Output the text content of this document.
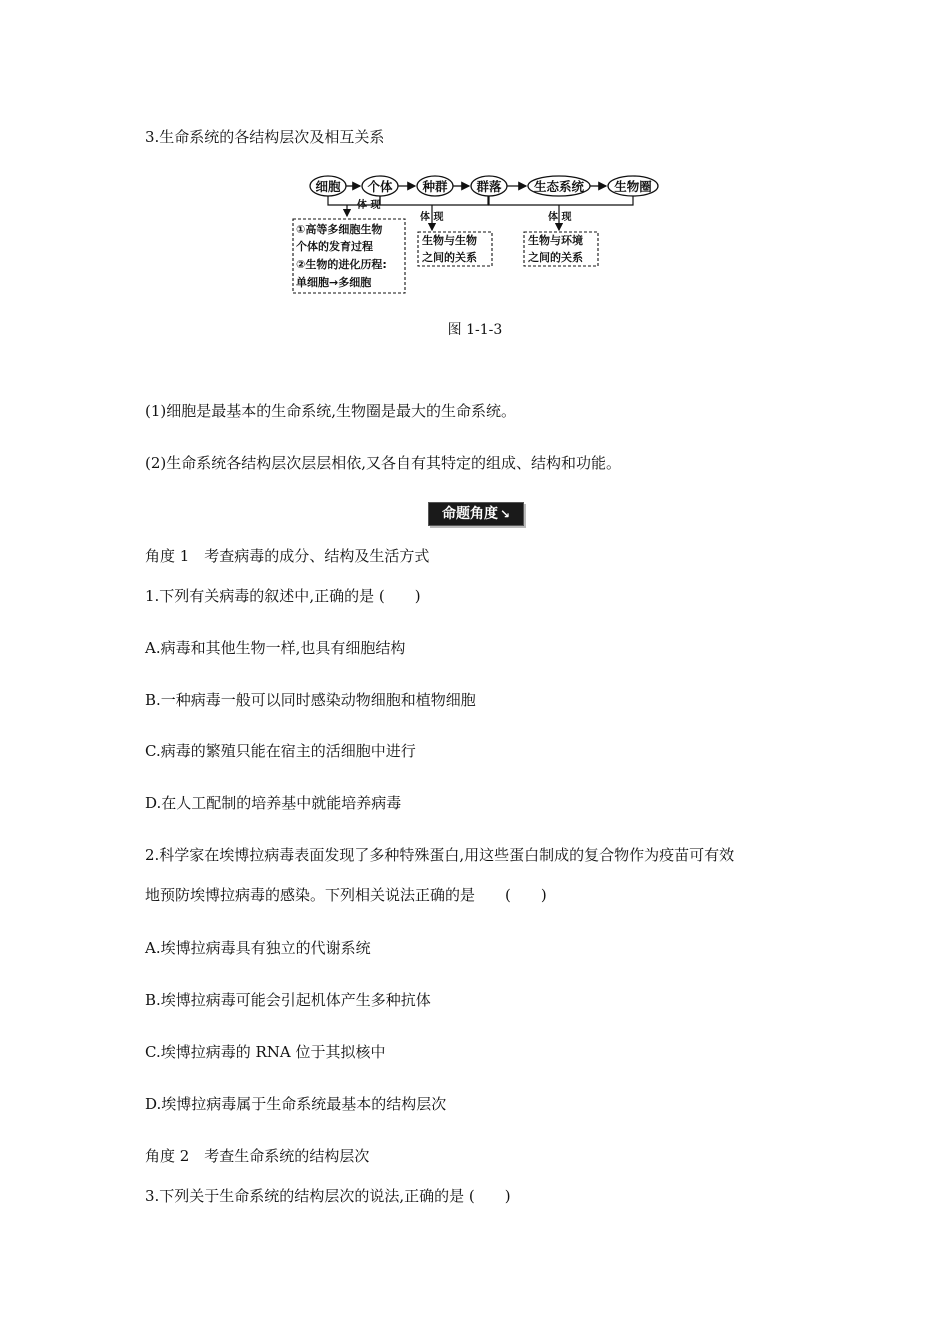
3.生命系统的各结构层次及相互关系
细胞 个体 种群 群落	生态系统 生物圈
体 现
体 现	体 现
①高等多细胞生物
个体的发育过程
②生物的进化历程:
单细胞→多细胞
生物与生物
之间的关系
生物与环境
之间的关系
图 1-1-3
(1)细胞是最基本的生命系统,生物圈是最大的生命系统。
(2)生命系统各结构层次层层相依,又各自有其特定的组成、结构和功能。
命题角度 ↘
角度 1　考查病毒的成分、结构及生活方式
1.下列有关病毒的叙述中,正确的是 (　　)
A.病毒和其他生物一样,也具有细胞结构
B.一种病毒一般可以同时感染动物细胞和植物细胞
C.病毒的繁殖只能在宿主的活细胞中进行
D.在人工配制的培养基中就能培养病毒
2.科学家在埃博拉病毒表面发现了多种特殊蛋白,用这些蛋白制成的复合物作为疫苗可有效
地预防埃博拉病毒的感染。下列相关说法正确的是　　(　　)
A.埃博拉病毒具有独立的代谢系统
B.埃博拉病毒可能会引起机体产生多种抗体
C.埃博拉病毒的 RNA 位于其拟核中
D.埃博拉病毒属于生命系统最基本的结构层次
角度 2　考查生命系统的结构层次
3.下列关于生命系统的结构层次的说法,正确的是 (　　)
